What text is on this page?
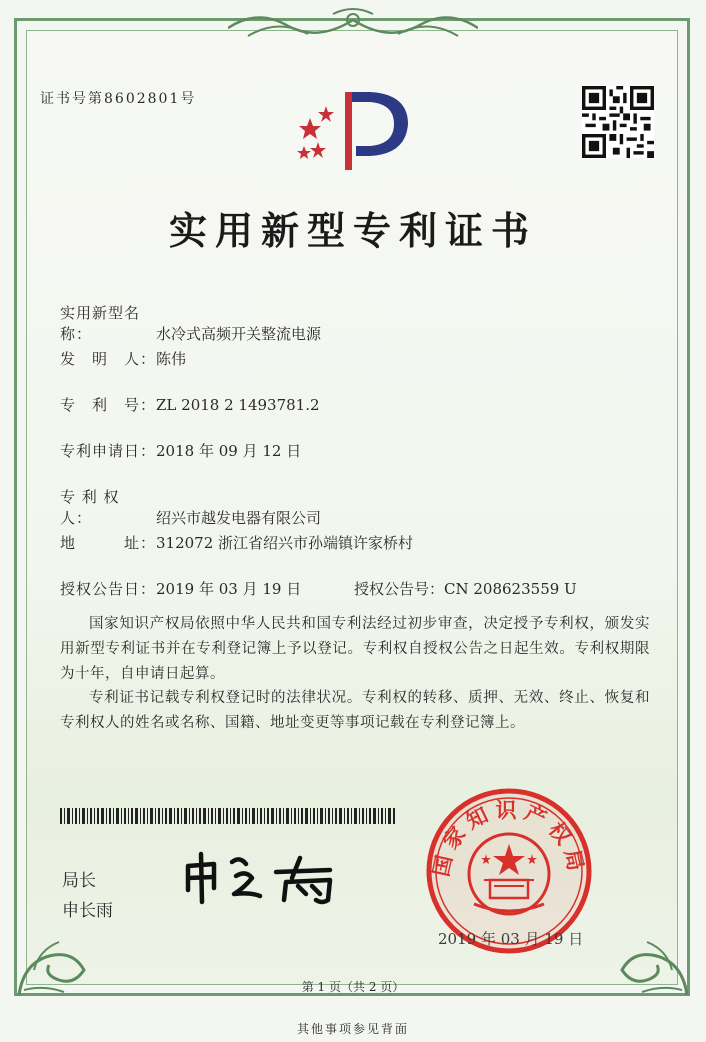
证书号第8602801号
实用新型专利证书
实用新型名称：	水冷式高频开关整流电源
发　明　人：陈伟
专　利　号：ZL 2018 2 1493781.2
专利申请日：2018 年 09 月 12 日
专 利 权 人：	绍兴市越发电器有限公司
地　　　址：312072 浙江省绍兴市孙端镇许家桥村
授权公告日：2019 年 03 月 19 日	授权公告号：CN 208623559 U
国家知识产权局依照中华人民共和国专利法经过初步审查，决定授予专利权，颁发实用新型专利证书并在专利登记簿上予以登记。专利权自授权公告之日起生效。专利权期限为十年，自申请日起算。
专利证书记载专利权登记时的法律状况。专利权的转移、质押、无效、终止、恢复和专利权人的姓名或名称、国籍、地址变更等事项记载在专利登记簿上。
局长
申长雨
国家知识产权局
2019 年 03 月 19 日
第 1 页（共 2 页）
其他事项参见背面
